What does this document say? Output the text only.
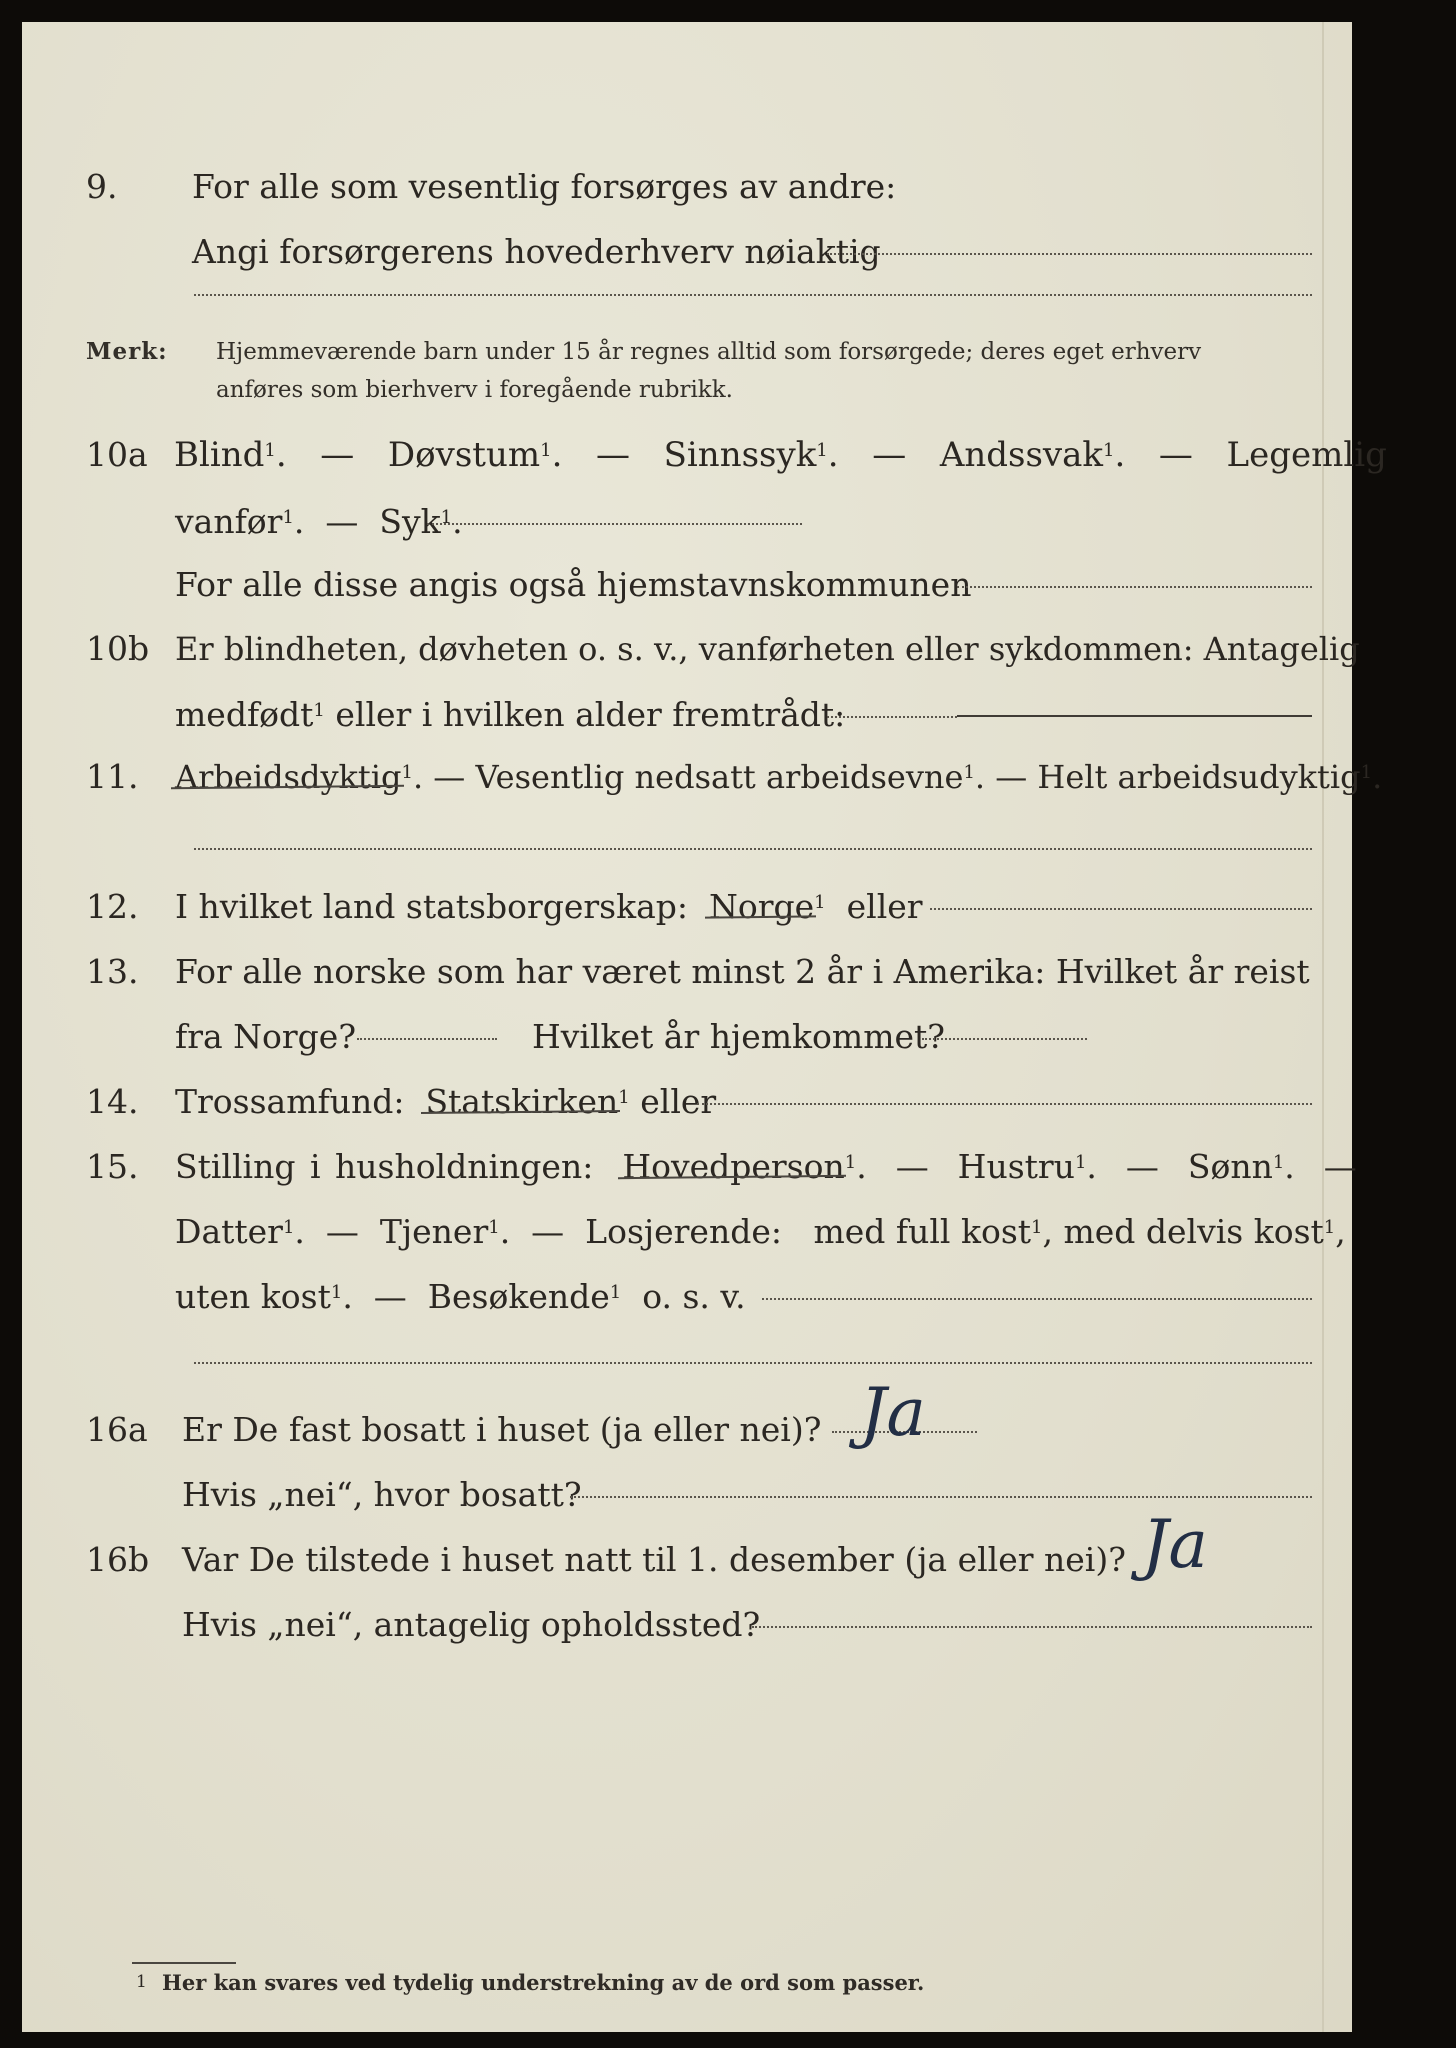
9. For alle som vesentlig forsørges av andre:
Angi forsørgerens hovederhverv nøiaktig
Merk: Hjemmeværende barn under 15 år regnes alltid som forsørgede; deres eget erhverv
anføres som bierhverv i foregående rubrikk.
10a Blind$^1$.  — Døvstum$^1$.  — Sinnssyk$^1$.  — Andssvak$^1$.  — Legemlig
vanfør$^1$.  — Syk$^1$.
For alle disse angis også hjemstavnskommunen
10b Er blindheten, døvheten o. s. v., vanførheten eller sykdommen: Antagelig
medfødt$^1$ eller i hvilken alder fremtrådt:
11. Arbeidsdyktig$^1$. — Vesentlig nedsatt arbeidsevne$^1$. — Helt arbeidsudyktig$^1$.
12. I hvilket land statsborgerskap: Norge$^1$ eller
13. For alle norske som har været minst 2 år i Amerika: Hvilket år reist
fra Norge?	Hvilket år hjemkommet?
14. Trossamfund: Statskirken$^1$ eller
15. Stilling i husholdningen: Hovedperson$^1$.  — Hustru$^1$.  — Sønn$^1$.  —
Datter$^1$.  — Tjener$^1$.  — Losjerende: med full kost$^1$, med delvis kost$^1$,
uten kost$^1$.  — Besøkende$^1$ o. s. v.
16a Er De fast bosatt i huset (ja eller nei)? Ja
Hvis „nei“, hvor bosatt?
16b Var De tilstede i huset natt til 1. desember (ja eller nei)? Ja
Hvis „nei“, antagelig opholdssted?
1 Her kan svares ved tydelig understrekning av de ord som passer.
